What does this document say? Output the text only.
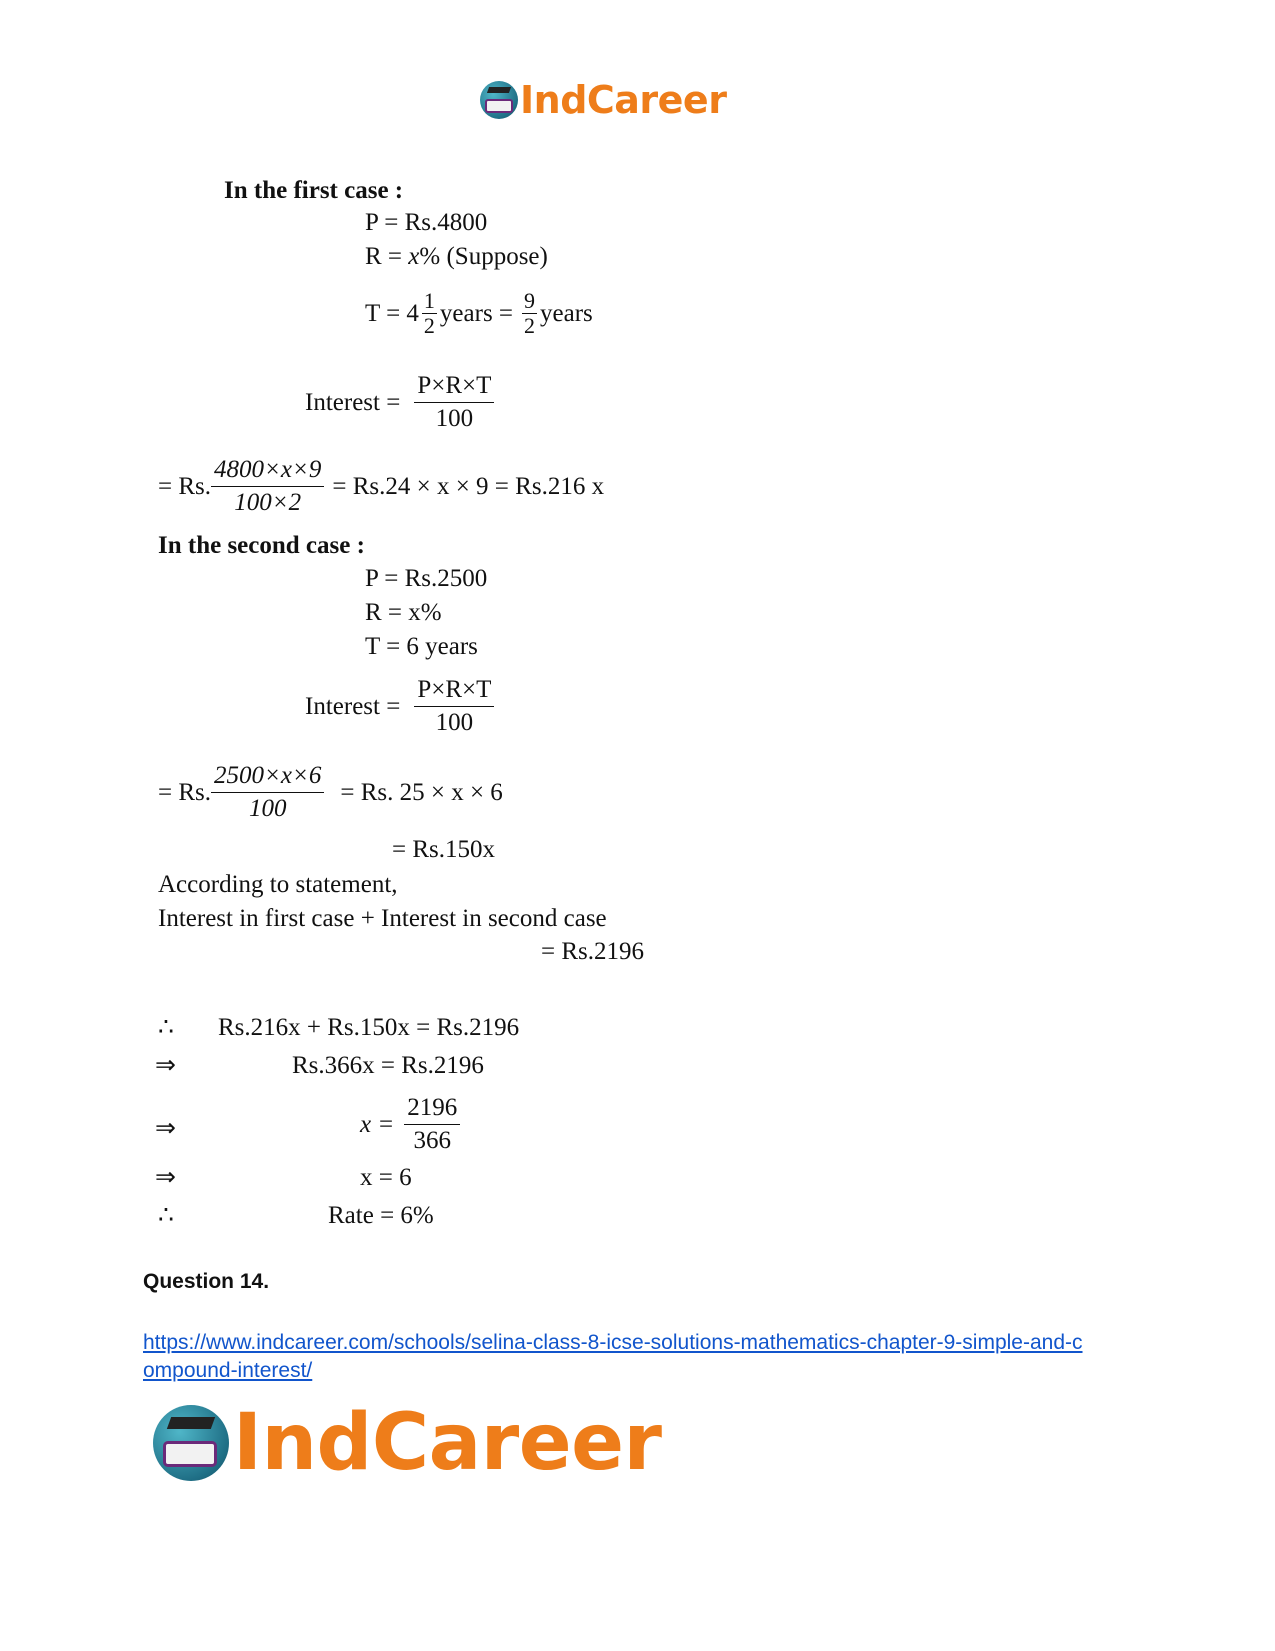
IndCareer
In the first case :
P = Rs.4800
R = x% (Suppose)
$T = 4 \frac{1}{2}$ years = $\frac{9}{2}$ years
Interest = $\frac{P\times R\times T}{100}$
= Rs. $\frac{4800\times x\times 9}{100\times 2} = Rs.24 \times x \times 9 = Rs.216$ x
In the second case :
P = Rs.2500
R = x%
T = 6 years
Interest = $\frac{P\times R\times T}{100}$
= Rs. $\frac{2500\times x\times 6}{100} = Rs$. 25 × x × 6
= Rs.150x
According to statement,
Interest in first case + Interest in second case
= Rs.2196
∴ Rs.216x + Rs.150x = Rs.2196
⇒	Rs.366x = Rs.2196
⇒	$x = \frac{2196}{366}$
⇒	x = 6
∴	Rate = 6%
Question 14.
https://www.indcareer.com/schools/selina-class-8-icse-solutions-mathematics-chapter-9-simple-and-compound-interest/
IndCareer
